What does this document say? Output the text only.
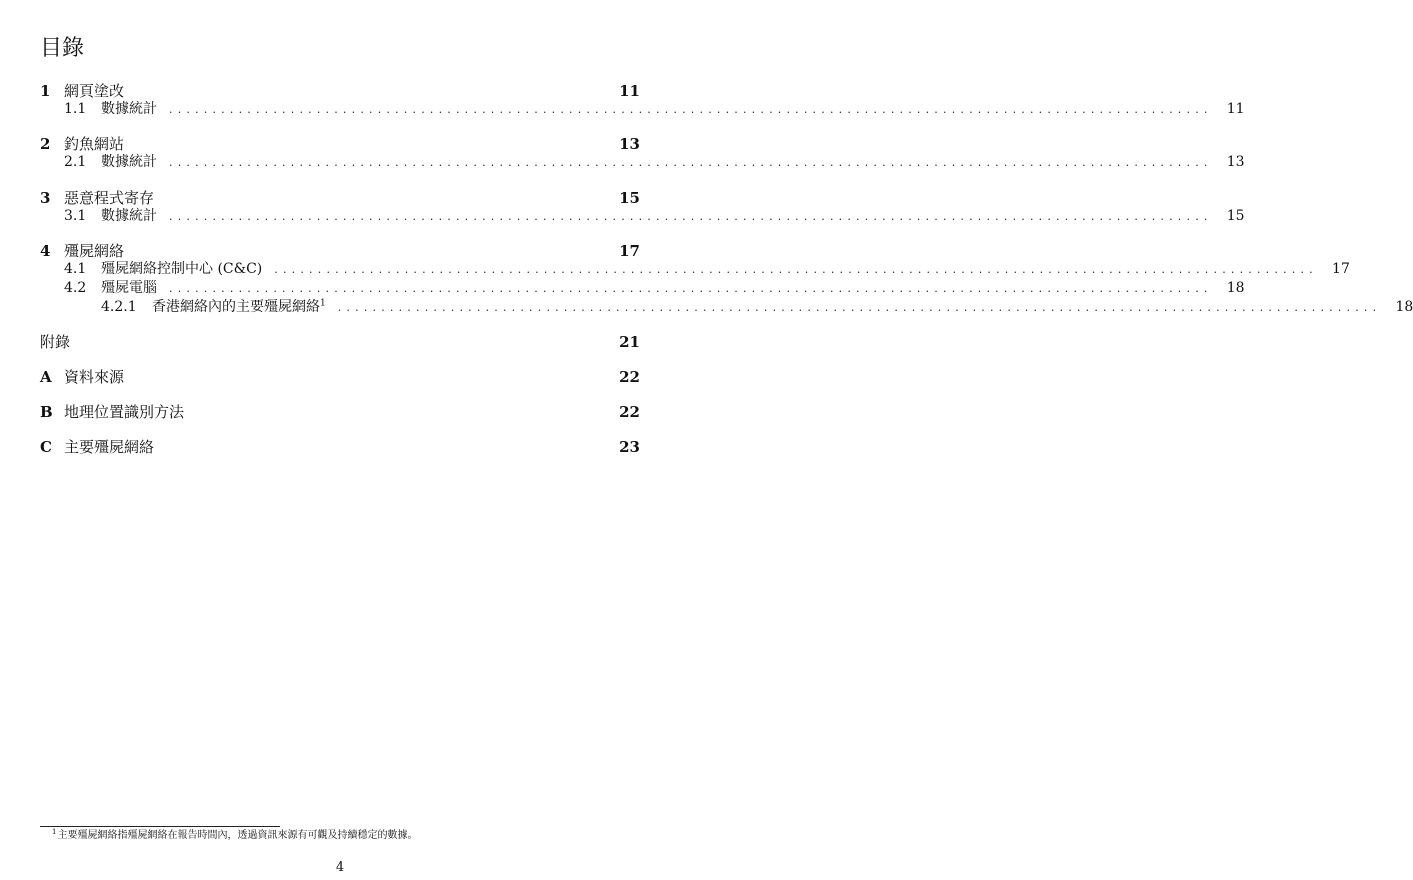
目錄
1 網頁塗改	11
1.1	數據統計 ........................................................................................................................ 11
2 釣魚網站	13
2.1	數據統計 ........................................................................................................................ 13
3 惡意程式寄存	15
3.1	數據統計 ........................................................................................................................ 15
4 殭屍網絡	17
4.1	殭屍網絡控制中心 (C&C) ........................................................................................................................ 17
4.2	殭屍電腦 ........................................................................................................................ 18
4.2.1	香港網絡內的主要殭屍網絡$^1$ ........................................................................................................................ 18
附錄	21
A 資料來源	22
B 地理位置識別方法	22
C 主要殭屍網絡	23
$^1$主要殭屍網絡指殭屍網絡在報告時間內，透過資訊來源有可觀及持續穩定的數據。
4
